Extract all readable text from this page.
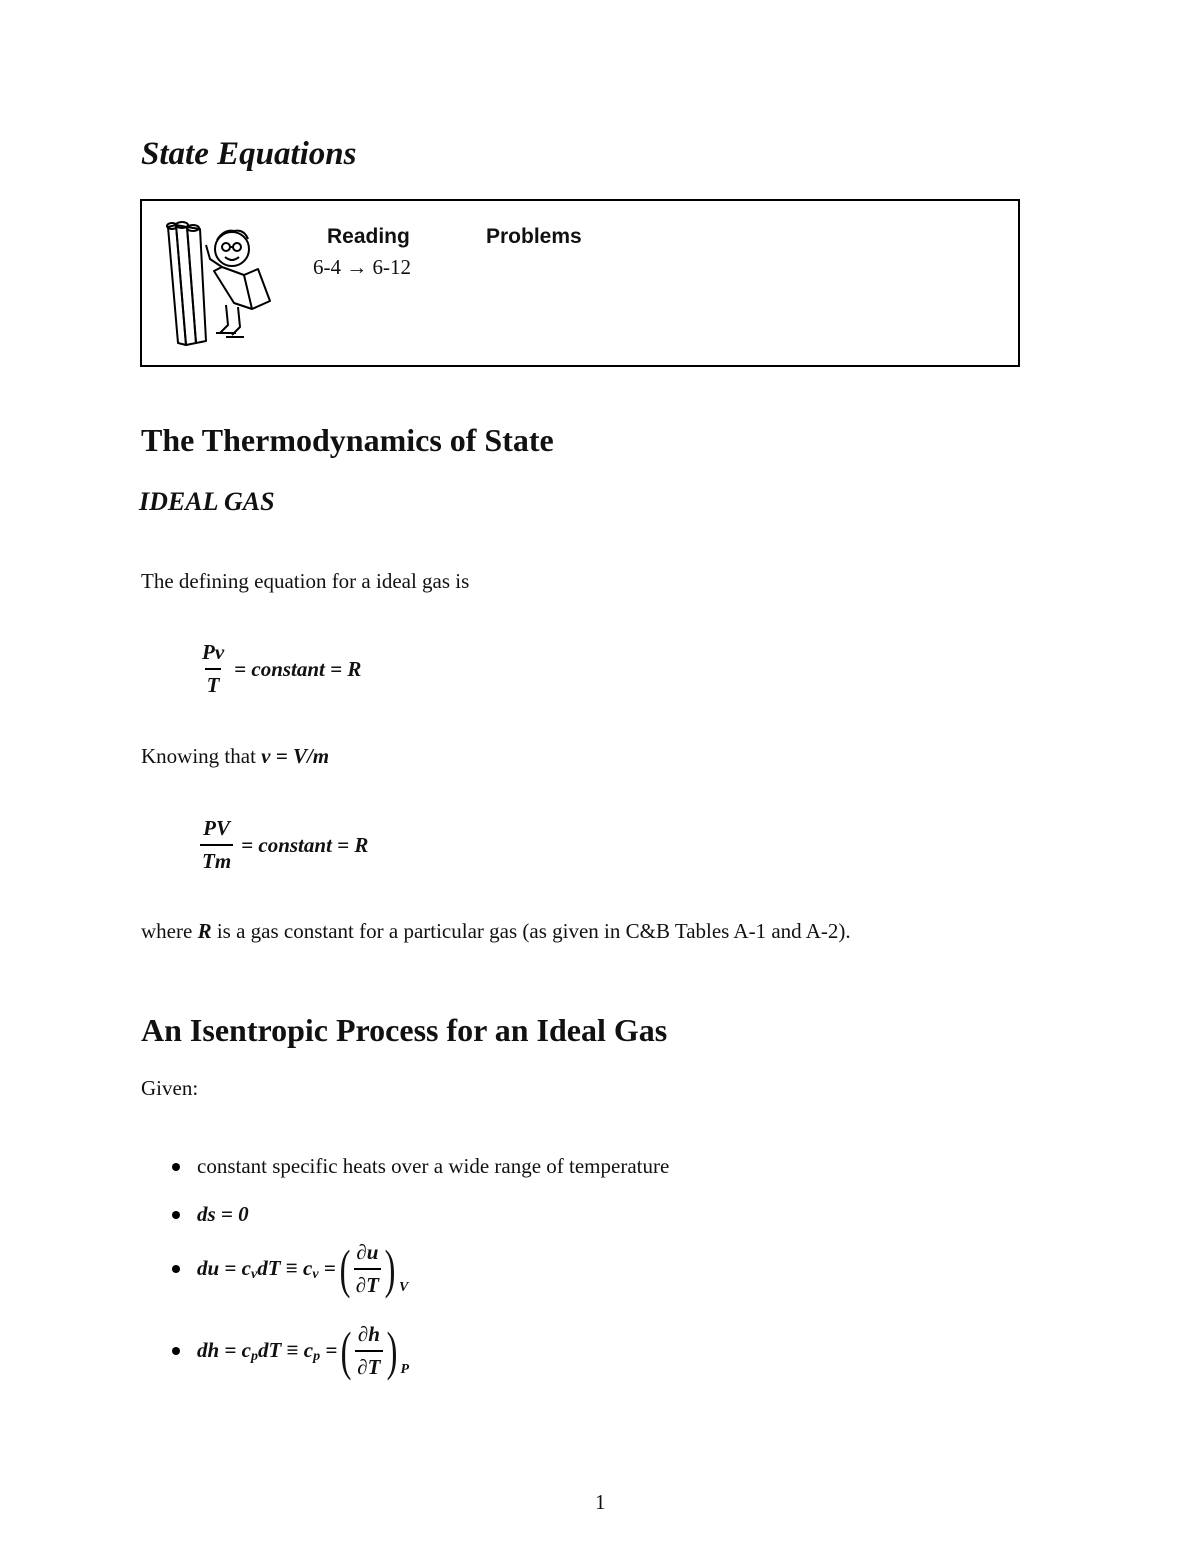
State Equations
Reading	Problems
6-4 → 6-12
The Thermodynamics of State
IDEAL GAS
The defining equation for a ideal gas is
$\frac{Pv}{T}$ = constant = R
Knowing that v = V/m
$\frac{PV}{Tm}$ = constant = R
where R is a gas constant for a particular gas (as given in C&B Tables A-1 and A-2).
An Isentropic Process for an Ideal Gas
Given:
constant specific heats over a wide range of temperature
ds = 0
du = cvdT ≡ cv = ( $\frac{\partial u}{\partial T}$ ) V
dh = cpdT ≡ cp = ( $\frac{\partial h}{\partial T}$ ) P
1
